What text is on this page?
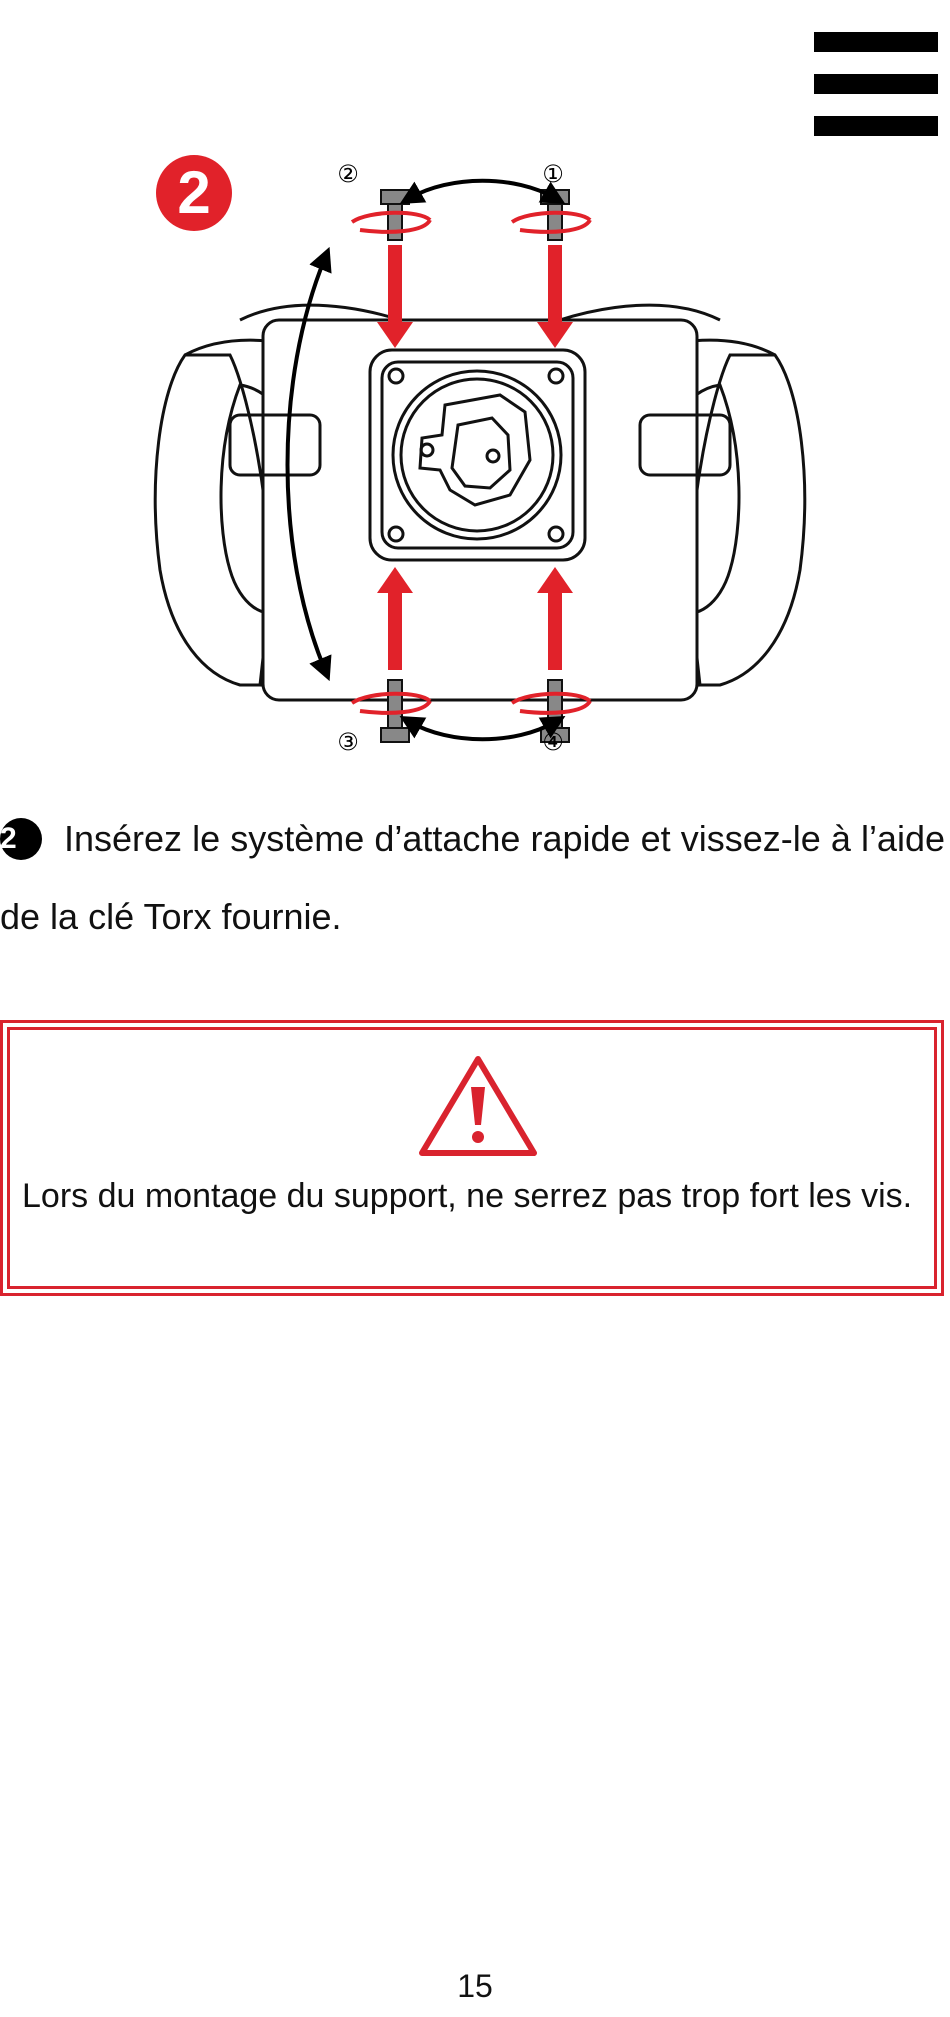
2	①
②
③	④
2 Insérez le système d’attache rapide et vissez-le à l’aide de la clé Torx fournie.
Lors du montage du support, ne serrez pas trop fort les vis.
15
